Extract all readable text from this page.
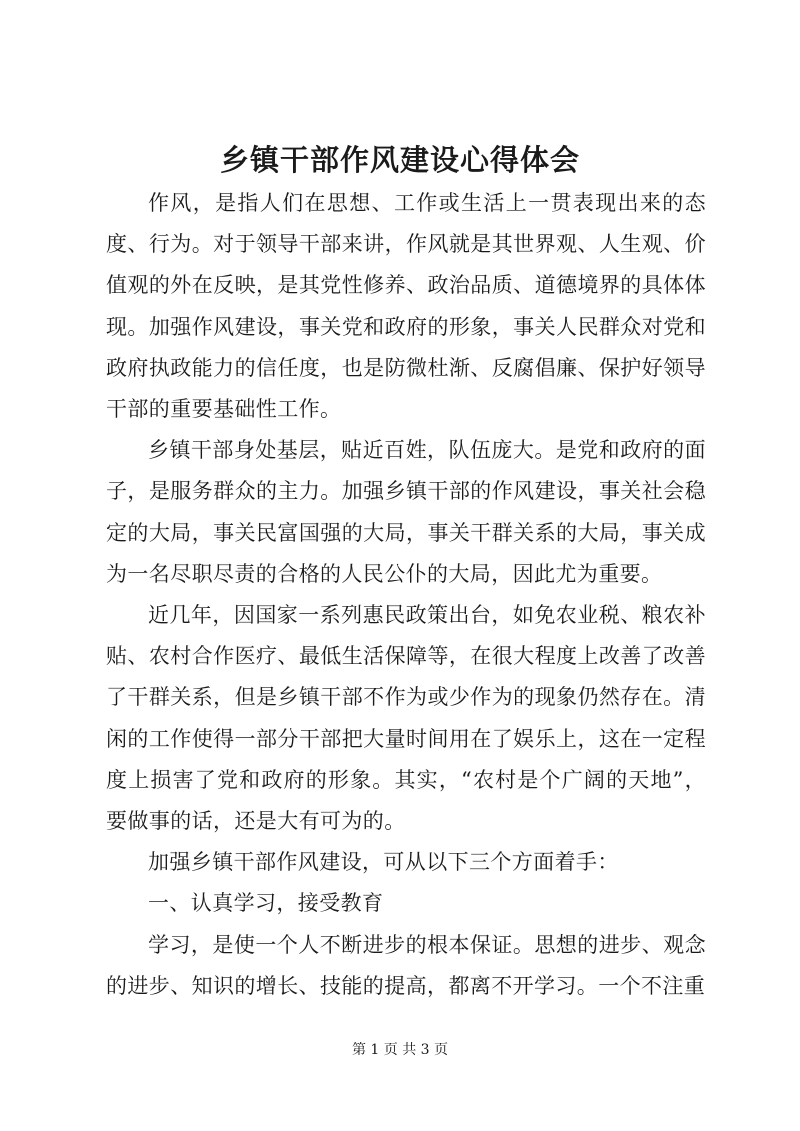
乡镇干部作风建设心得体会

作风，是指人们在思想、工作或生活上一贯表现出来的态度、行为。对于领导干部来讲，作风就是其世界观、人生观、价值观的外在反映，是其党性修养、政治品质、道德境界的具体体现。加强作风建设，事关党和政府的形象，事关人民群众对党和政府执政能力的信任度，也是防微杜渐、反腐倡廉、保护好领导干部的重要基础性工作。

乡镇干部身处基层，贴近百姓，队伍庞大。是党和政府的面子，是服务群众的主力。加强乡镇干部的作风建设，事关社会稳定的大局，事关民富国强的大局，事关干群关系的大局，事关成为一名尽职尽责的合格的人民公仆的大局，因此尤为重要。

近几年，因国家一系列惠民政策出台，如免农业税、粮农补贴、农村合作医疗、最低生活保障等，在很大程度上改善了改善了干群关系，但是乡镇干部不作为或少作为的现象仍然存在。清闲的工作使得一部分干部把大量时间用在了娱乐上，这在一定程度上损害了党和政府的形象。其实，“农村是个广阔的天地”，要做事的话，还是大有可为的。

加强乡镇干部作风建设，可从以下三个方面着手：

一、认真学习，接受教育

学习，是使一个人不断进步的根本保证。思想的进步、观念的进步、知识的增长、技能的提高，都离不开学习。一个不注重

第 1 页 共 3 页
